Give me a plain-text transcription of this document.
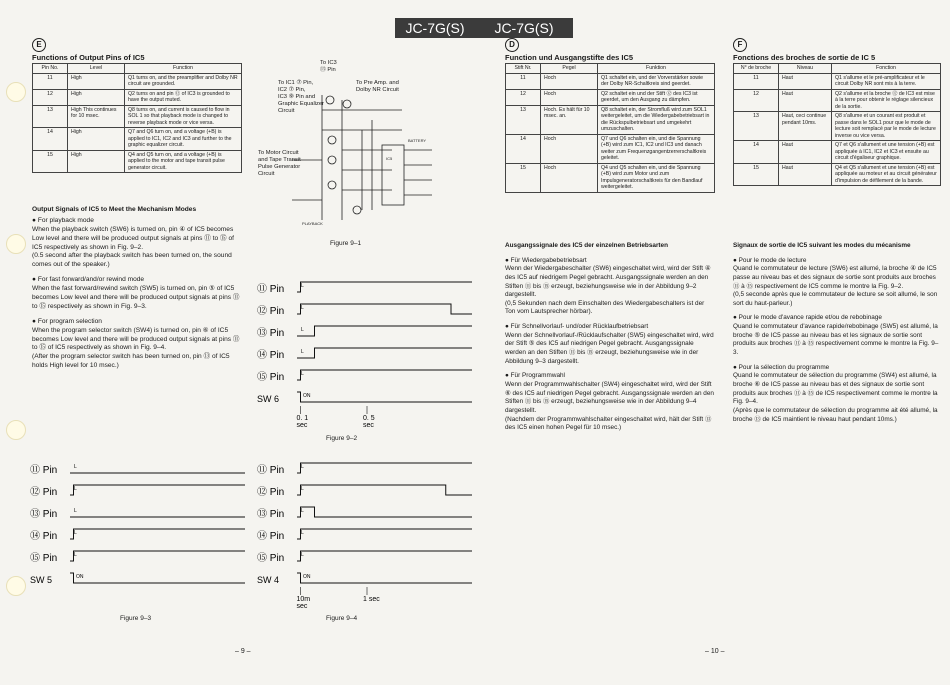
JC-7G(S)
E
Functions of Output Pins of IC5
Pin No.	Level	Function
11	High	Q1 turns on, and the preamplifier and Dolby NR circuit are grounded.
12	High	Q2 turns on and pin ⑫ of IC3 is grounded to have the output muted.
13	High This continues for 10 msec.	Q8 turns on, and current is caused to flow in SOL 1 so that playback mode is changed to reverse playback mode or vice versa.
14	High	Q7 and Q6 turn on, and a voltage (+B) is applied to IC1, IC2 and IC3 and further to the graphic equalizer circuit.
15	High	Q4 and Q5 turn on, and a voltage (+B) is applied to the motor and tape transit pulse generator circuit.

Output Signals of IC5 to Meet the Mechanism Modes

● For playback mode
When the playback switch (SW6) is turned on, pin ④ of IC5 becomes Low level and there will be produced output signals at pins ⑪ to ⑮ of IC5 respectively as shown in Fig. 9–2.
(0.5 second after the playback switch has been turned on, the sound comes out of the speaker.)

● For fast forward/and/or rewind mode
When the fast forward/rewind switch (SW5) is turned on, pin ⑤ of IC5 becomes Low level and there will be produced output signals at pins ⑪ to ⑮ respectively as shown in Fig. 9–3.

● For program selection
When the program selector switch (SW4) is turned on, pin ⑥ of IC5 becomes Low level and there will be produced output signals at pins ⑪ to ⑮ of IC5 respectively as shown in Fig. 9–4.
(After the program selector switch has been turned on, pin ⑬ of IC5 holds High level for 10 msec.)

To IC3
⑬ Pin
To IC1 ⑦ Pin,
IC2 ⑦ Pin,
IC3 ⑨ Pin and
Graphic Equalizer
Circuit
To Pre Amp. and
Dolby NR Circuit
To Motor Circuit
and Tape Transit
Pulse Generator
Circuit
IC5
BATTERY
PLAYBACK
Figure 9–1
⑪ Pin	L
⑫ Pin	L
⑬ Pin	L
⑭ Pin	L
⑮ Pin	L
SW 6	ON
0. 1
sec
0. 5
sec
Figure 9–2
⑪ Pin	L
⑫ Pin	L
⑬ Pin	L
⑭ Pin	L
⑮ Pin	L
SW 5	ON
Figure 9–3
⑪ Pin	L
⑫ Pin	L
⑬ Pin	L
⑭ Pin	L
⑮ Pin	L
SW 4	ON
10m
sec
1 sec
Figure 9–4
– 9 –
JC-7G(S)
D
Function und Ausgangstifte des IC5
Stift Nr.	Pegel	Funktion
11	Hoch	Q1 schaltet ein, und der Vorverstärker sowie der Dolby NR-Schaltkreis sind geerdet.
12	Hoch	Q2 schaltet ein und der Stift ⑫ des IC3 ist geerdet, um den Ausgang zu dämpfen.
13	Hoch. Es hält für 10 msec. an.	Q8 schaltet ein, der Stromfluß wird zum SOL1 weitergeleitet, um die Wiedergabebetriebsart in die Rückspulbetriebsart und umgekehrt umzuschalten.
14	Hoch	Q7 und Q6 schalten ein, und die Spannung (+B) wird zum IC1, IC2 und IC3 und danach weiter zum Frequenzgangentzerrerschaltkreis geleitet.
15	Hoch	Q4 und Q5 schalten ein, und die Spannung (+B) wird zum Motor und zum Impulsgeneratorschaltkreis für den Bandlauf weitergeleitet.

Ausgangssignale des IC5 der einzelnen Betriebsarten

● Für Wiedergabebetriebsart
Wenn der Wiedergabeschalter (SW6) eingeschaltet wird, wird der Stift ④ des IC5 auf niedrigem Pegel gebracht. Ausgangssignale werden an den Stiften ⑪ bis ⑮ erzeugt, beziehungsweise wie in der Abbildung 9–2 dargestellt.
(0,5 Sekunden nach dem Einschalten des Wiedergabeschalters ist der Ton vom Lautsprecher hörbar).

● Für Schnellvorlauf- und/oder Rücklaufbetriebsart
Wenn der Schnellvorlauf-/Rücklaufschalter (SW5) eingeschaltet wird, wird der Stift ⑤ des IC5 auf niedrigen Pegel gebracht. Ausgangssignale werden an den Stiften ⑪ bis ⑮ erzeugt, beziehungsweise wie in der Abbildung 9–3 dargestellt.

● Für Programmwahl
Wenn der Programmwahlschalter (SW4) eingeschaltet wird, wird der Stift ⑥ des IC5 auf niedrigen Pegel gebracht. Ausgangssignale werden an den Stiften ⑪ bis ⑮ erzeugt, beziehungsweise wie in der Abbildung 9–4 dargestellt.
(Nachdem der Programmwahlschalter eingeschaltet wird, hält der Stift ⑬ des IC5 einen hohen Pegel für 10 msec.)

F
Fonctions des broches de sortie de IC 5
N° de broche	Niveau	Fonction
11	Haut	Q1 s'allume et le pré-amplificateur et le circuit Dolby NR sont mis à la terre.
12	Haut	Q2 s'allume et la broche ⑫ de IC3 est mise à la terre pour obtenir le réglage silencieux de la sortie.
13	Haut, ceci continue pendant 10ms.	Q8 s'allume et un courant est produit et passe dans le SOL1 pour que le mode de lecture soit remplacé par le mode de lecture inverse ou vice versa.
14	Haut	Q7 et Q6 s'allument et une tension (+B) est appliquée à IC1, IC2 et IC3 et ensuite au circuit d'égaliseur graphique.
15	Haut	Q4 et Q5 s'allument et une tension (+B) est appliquée au moteur et au circuit générateur d'impulsion de défilement de la bande.

Signaux de sortie de IC5 suivant les modes du mécanisme

● Pour le mode de lecture
Quand le commutateur de lecture (SW6) est allumé, la broche ④ de IC5 passe au niveau bas et des signaux de sortie sont produits aux broches ⑪ à ⑮ respectivement de IC5 comme le montre la Fig. 9–2.
(0,5 seconde après que le commutateur de lecture se soit allumé, le son sort du haut-parleur.)

● Pour le mode d'avance rapide et/ou de rebobinage
Quand le commutateur d'avance rapide/rebobinage (SW5) est allumé, la broche ⑤ de IC5 passe au niveau bas et les signaux de sortie sont produits aux broches ⑪ à ⑮ respectivement comme le montre la Fig. 9–3.

● Pour la sélection du programme
Quand le commutateur de sélection du programme (SW4) est allumé, la broche ⑥ de IC5 passe au niveau bas et des signaux de sortie sont produits aux broches ⑪ à ⑮ de IC5 respectivement comme le montre la Fig. 9–4.
(Après que le commutateur de sélection du programme ait été allumé, la broche ⑬ de IC5 maintient le niveau haut pendant 10ms.)

– 10 –
